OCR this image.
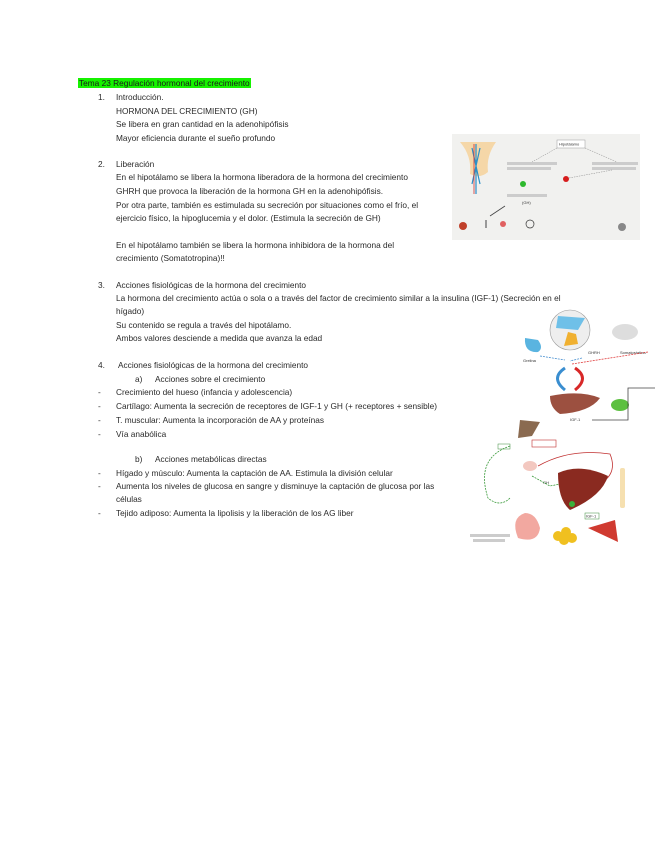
Tema 23 Regulación hormonal del crecimiento
1. Introducción.
HORMONA DEL CRECIMIENTO (GH)
Se libera en gran cantidad en la adenohipófisis
Mayor eficiencia durante el sueño profundo
2. Liberación
En el hipotálamo se libera la hormona liberadora de la hormona del crecimiento
GHRH que provoca la liberación de la hormona GH en la adenohipófisis.
Por otra parte, también es estimulada su secreción por situaciones como el frío, el
ejercicio físico, la hipoglucemia y el dolor. (Estimula la secreción de GH)
En el hipotálamo también se libera la hormona inhibidora de la hormona del
crecimiento (Somatotropina)!!
3. Acciones fisiológicas de la hormona del crecimiento
La hormona del crecimiento actúa o sola o a través del factor de crecimiento similar a la insulina (IGF-1) (Secreción en el
hígado)
Su contenido se regula a través del hipotálamo.
Ambos valores desciende a medida que avanza la edad
4. Acciones fisiológicas de la hormona del crecimiento
a) Acciones sobre el crecimiento
- Crecimiento del hueso (infancia y adolescencia)
- Cartílago: Aumenta la secreción de receptores de IGF-1 y GH (+ receptores + sensible)
- T. muscular: Aumenta la incorporación de AA y proteínas
- Vía anabólica
b) Acciones metabólicas directas
- Hígado y músculo: Aumenta la captación de AA. Estimula la división celular
- Aumenta los niveles de glucosa en sangre y disminuye la captación de glucosa por las
células
- Tejido adiposo: Aumenta la lipolisis y la liberación de los AG liber
Hipotálamo
(GH)
Grelina
GHRH	Somatostatina
IGF-1
GH
IGF-1
